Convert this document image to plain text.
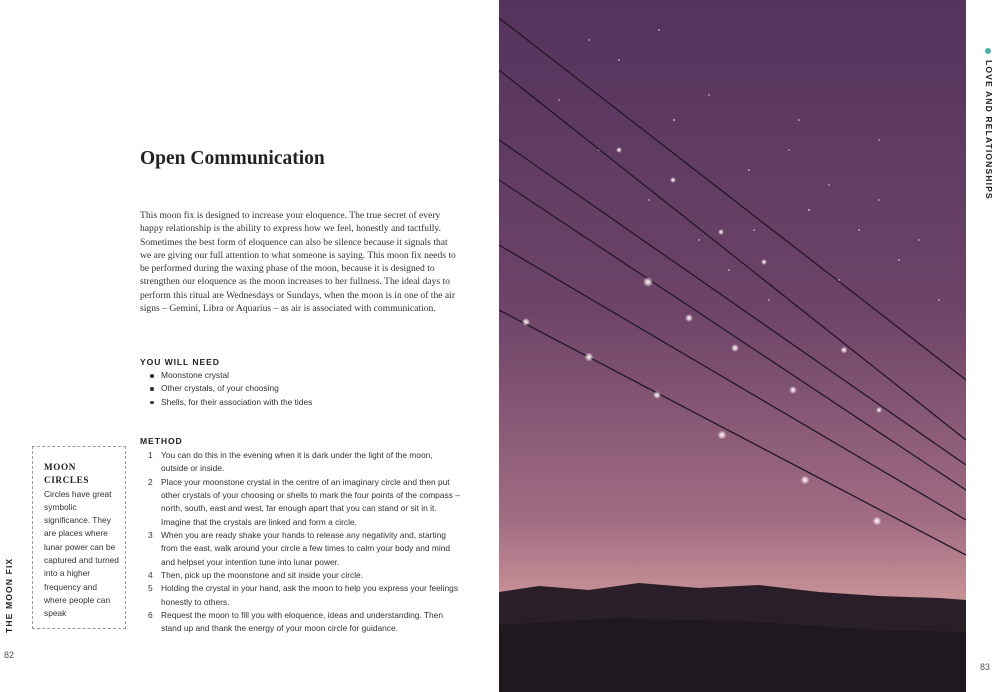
Open Communication

This moon fix is designed to increase your eloquence. The true secret of every happy relationship is the ability to express how we feel, honestly and tactfully. Sometimes the best form of eloquence can also be silence because it signals that we are giving our full attention to what someone is saying. This moon fix needs to be performed during the waxing phase of the moon, because it is designed to strengthen our eloquence as the moon increases to her fullness. The ideal days to perform this ritual are Wednesdays or Sundays, when the moon is in one of the air signs – Gemini, Libra or Aquarius – as air is associated with communication.

YOU WILL NEED
Moonstone crystal
Other crystals, of your choosing
Shells, for their association with the tides
METHOD
1 You can do this in the evening when it is dark under the light of the moon, outside or inside.
2 Place your moonstone crystal in the centre of an imaginary circle and then put other crystals of your choosing or shells to mark the four points of the compass – north, south, east and west, far enough apart that you can stand or sit in it. Imagine that the crystals are linked and form a circle.
3 When you are ready shake your hands to release any negativity and, starting from the east, walk around your circle a few times to calm your body and mind and helpset your intention tune into lunar power.
4 Then, pick up the moonstone and sit inside your circle.
5 Holding the crystal in your hand, ask the moon to help you express your feelings honestly to others.
6 Request the moon to fill you with eloquence, ideas and understanding. Then stand up and thank the energy of your moon circle for guidance.
MOON CIRCLES

Circles have great symbolic significance. They are places where lunar power can be captured and turned into a higher frequency and where people can speak

THE MOON FIX
82
LOVE AND RELATIONSHIPS
83
